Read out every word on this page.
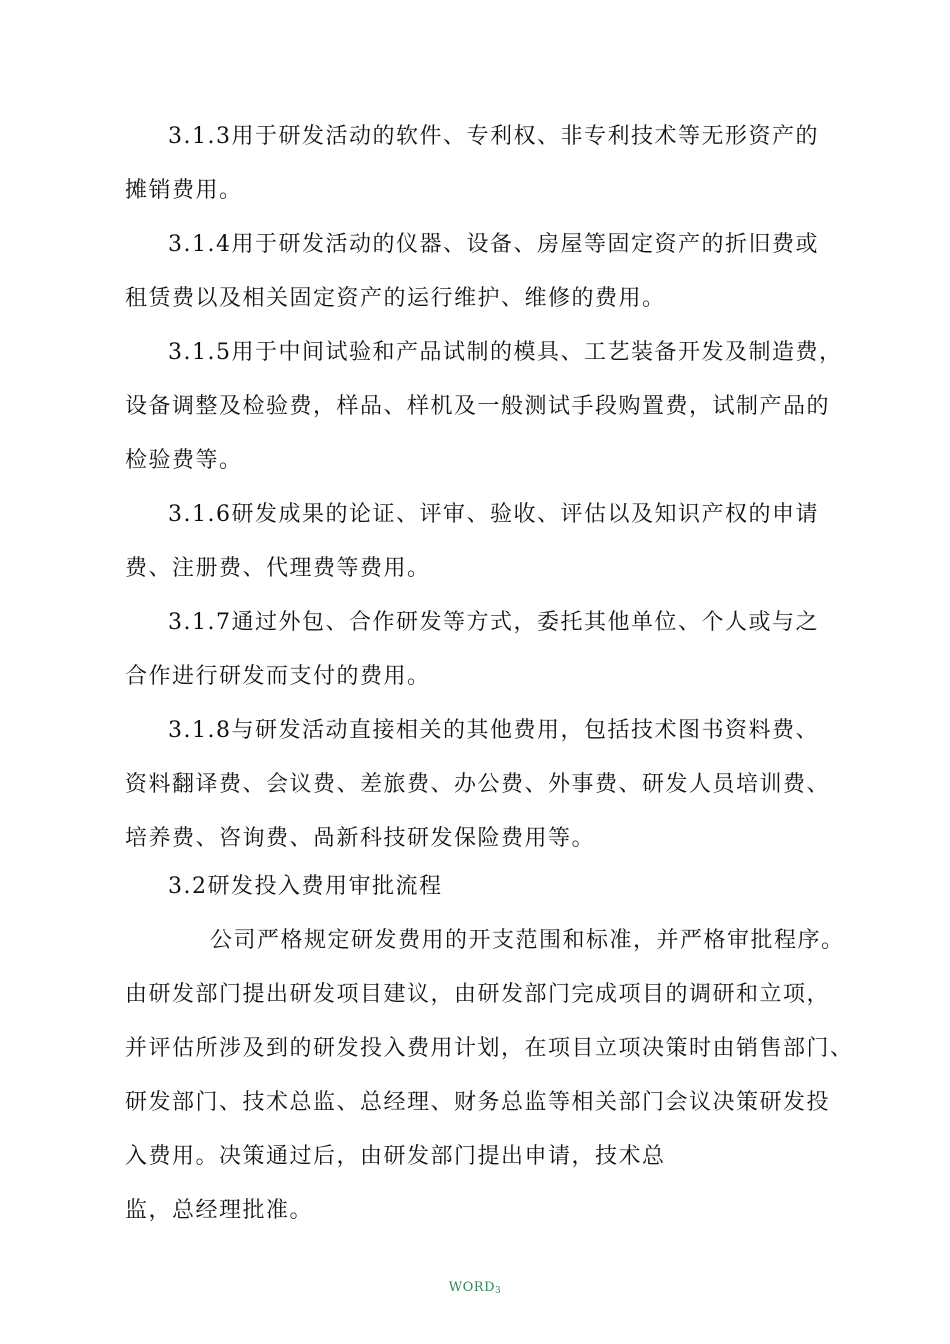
3.1.3用于研发活动的软件、专利权、非专利技术等无形资产的
摊销费用。
3.1.4用于研发活动的仪器、设备、房屋等固定资产的折旧费或
租赁费以及相关固定资产的运行维护、维修的费用。
3.1.5用于中间试验和产品试制的模具、工艺装备开发及制造费，
设备调整及检验费，样品、样机及一般测试手段购置费，试制产品的
检验费等。
3.1.6研发成果的论证、评审、验收、评估以及知识产权的申请
费、注册费、代理费等费用。
3.1.7通过外包、合作研发等方式，委托其他单位、个人或与之
合作进行研发而支付的费用。
3.1.8与研发活动直接相关的其他费用，包括技术图书资料费、
资料翻译费、会议费、差旅费、办公费、外事费、研发人员培训费、
培养费、咨询费、咼新科技研发保险费用等。
3.2研发投入费用审批流程
公司严格规定研发费用的开支范围和标准，并严格审批程序。
由研发部门提出研发项目建议，由研发部门完成项目的调研和立项，
并评估所涉及到的研发投入费用计划，在项目立项决策时由销售部门、
研发部门、技术总监、总经理、财务总监等相关部门会议决策研发投
入费用。决策通过后，由研发部门提出申请，技术总
监，总经理批准。
$WORD_3$
